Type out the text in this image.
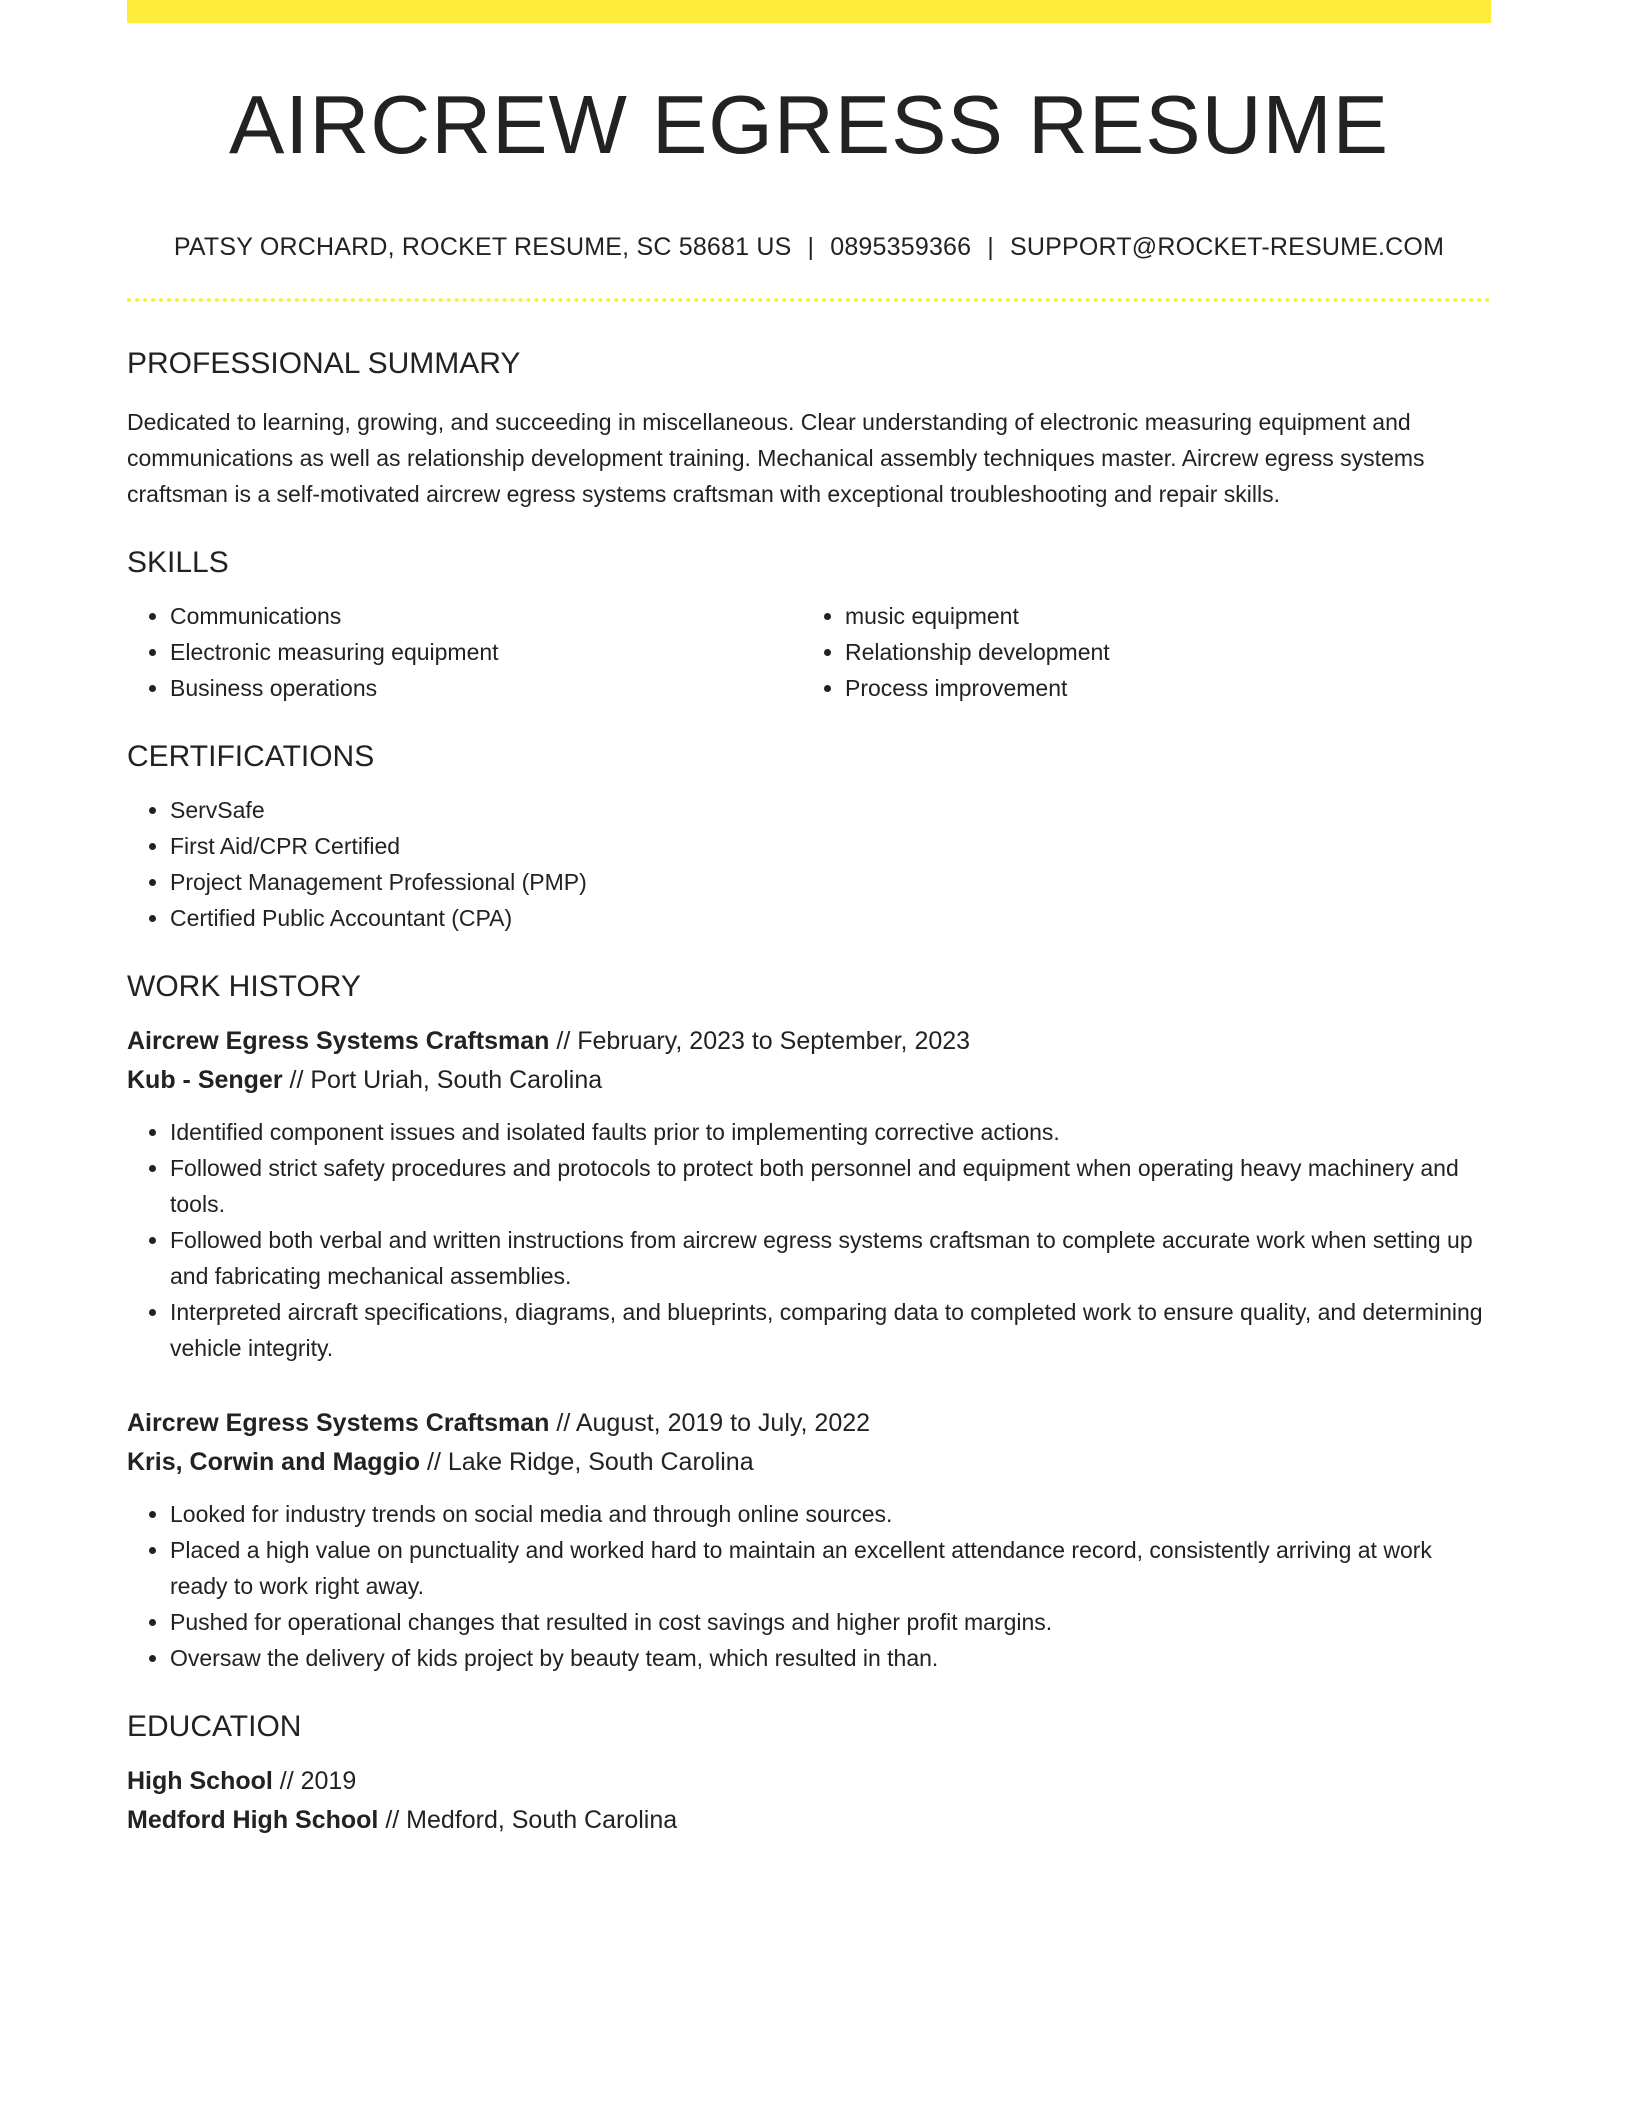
AIRCREW EGRESS RESUME
PATSY ORCHARD, ROCKET RESUME, SC 58681 US | 0895359366 | SUPPORT@ROCKET-RESUME.COM
PROFESSIONAL SUMMARY
Dedicated to learning, growing, and succeeding in miscellaneous. Clear understanding of electronic measuring equipment and communications as well as relationship development training. Mechanical assembly techniques master. Aircrew egress systems craftsman is a self-motivated aircrew egress systems craftsman with exceptional troubleshooting and repair skills.
SKILLS
• Communications
• Electronic measuring equipment
• Business operations
• music equipment
• Relationship development
• Process improvement
CERTIFICATIONS
• ServSafe
• First Aid/CPR Certified
• Project Management Professional (PMP)
• Certified Public Accountant (CPA)
WORK HISTORY
Aircrew Egress Systems Craftsman // February, 2023 to September, 2023
Kub - Senger // Port Uriah, South Carolina
• Identified component issues and isolated faults prior to implementing corrective actions.
• Followed strict safety procedures and protocols to protect both personnel and equipment when operating heavy machinery and tools.
• Followed both verbal and written instructions from aircrew egress systems craftsman to complete accurate work when setting up and fabricating mechanical assemblies.
• Interpreted aircraft specifications, diagrams, and blueprints, comparing data to completed work to ensure quality, and determining vehicle integrity.
Aircrew Egress Systems Craftsman // August, 2019 to July, 2022
Kris, Corwin and Maggio // Lake Ridge, South Carolina
• Looked for industry trends on social media and through online sources.
• Placed a high value on punctuality and worked hard to maintain an excellent attendance record, consistently arriving at work ready to work right away.
• Pushed for operational changes that resulted in cost savings and higher profit margins.
• Oversaw the delivery of kids project by beauty team, which resulted in than.
EDUCATION
High School // 2019
Medford High School // Medford, South Carolina
